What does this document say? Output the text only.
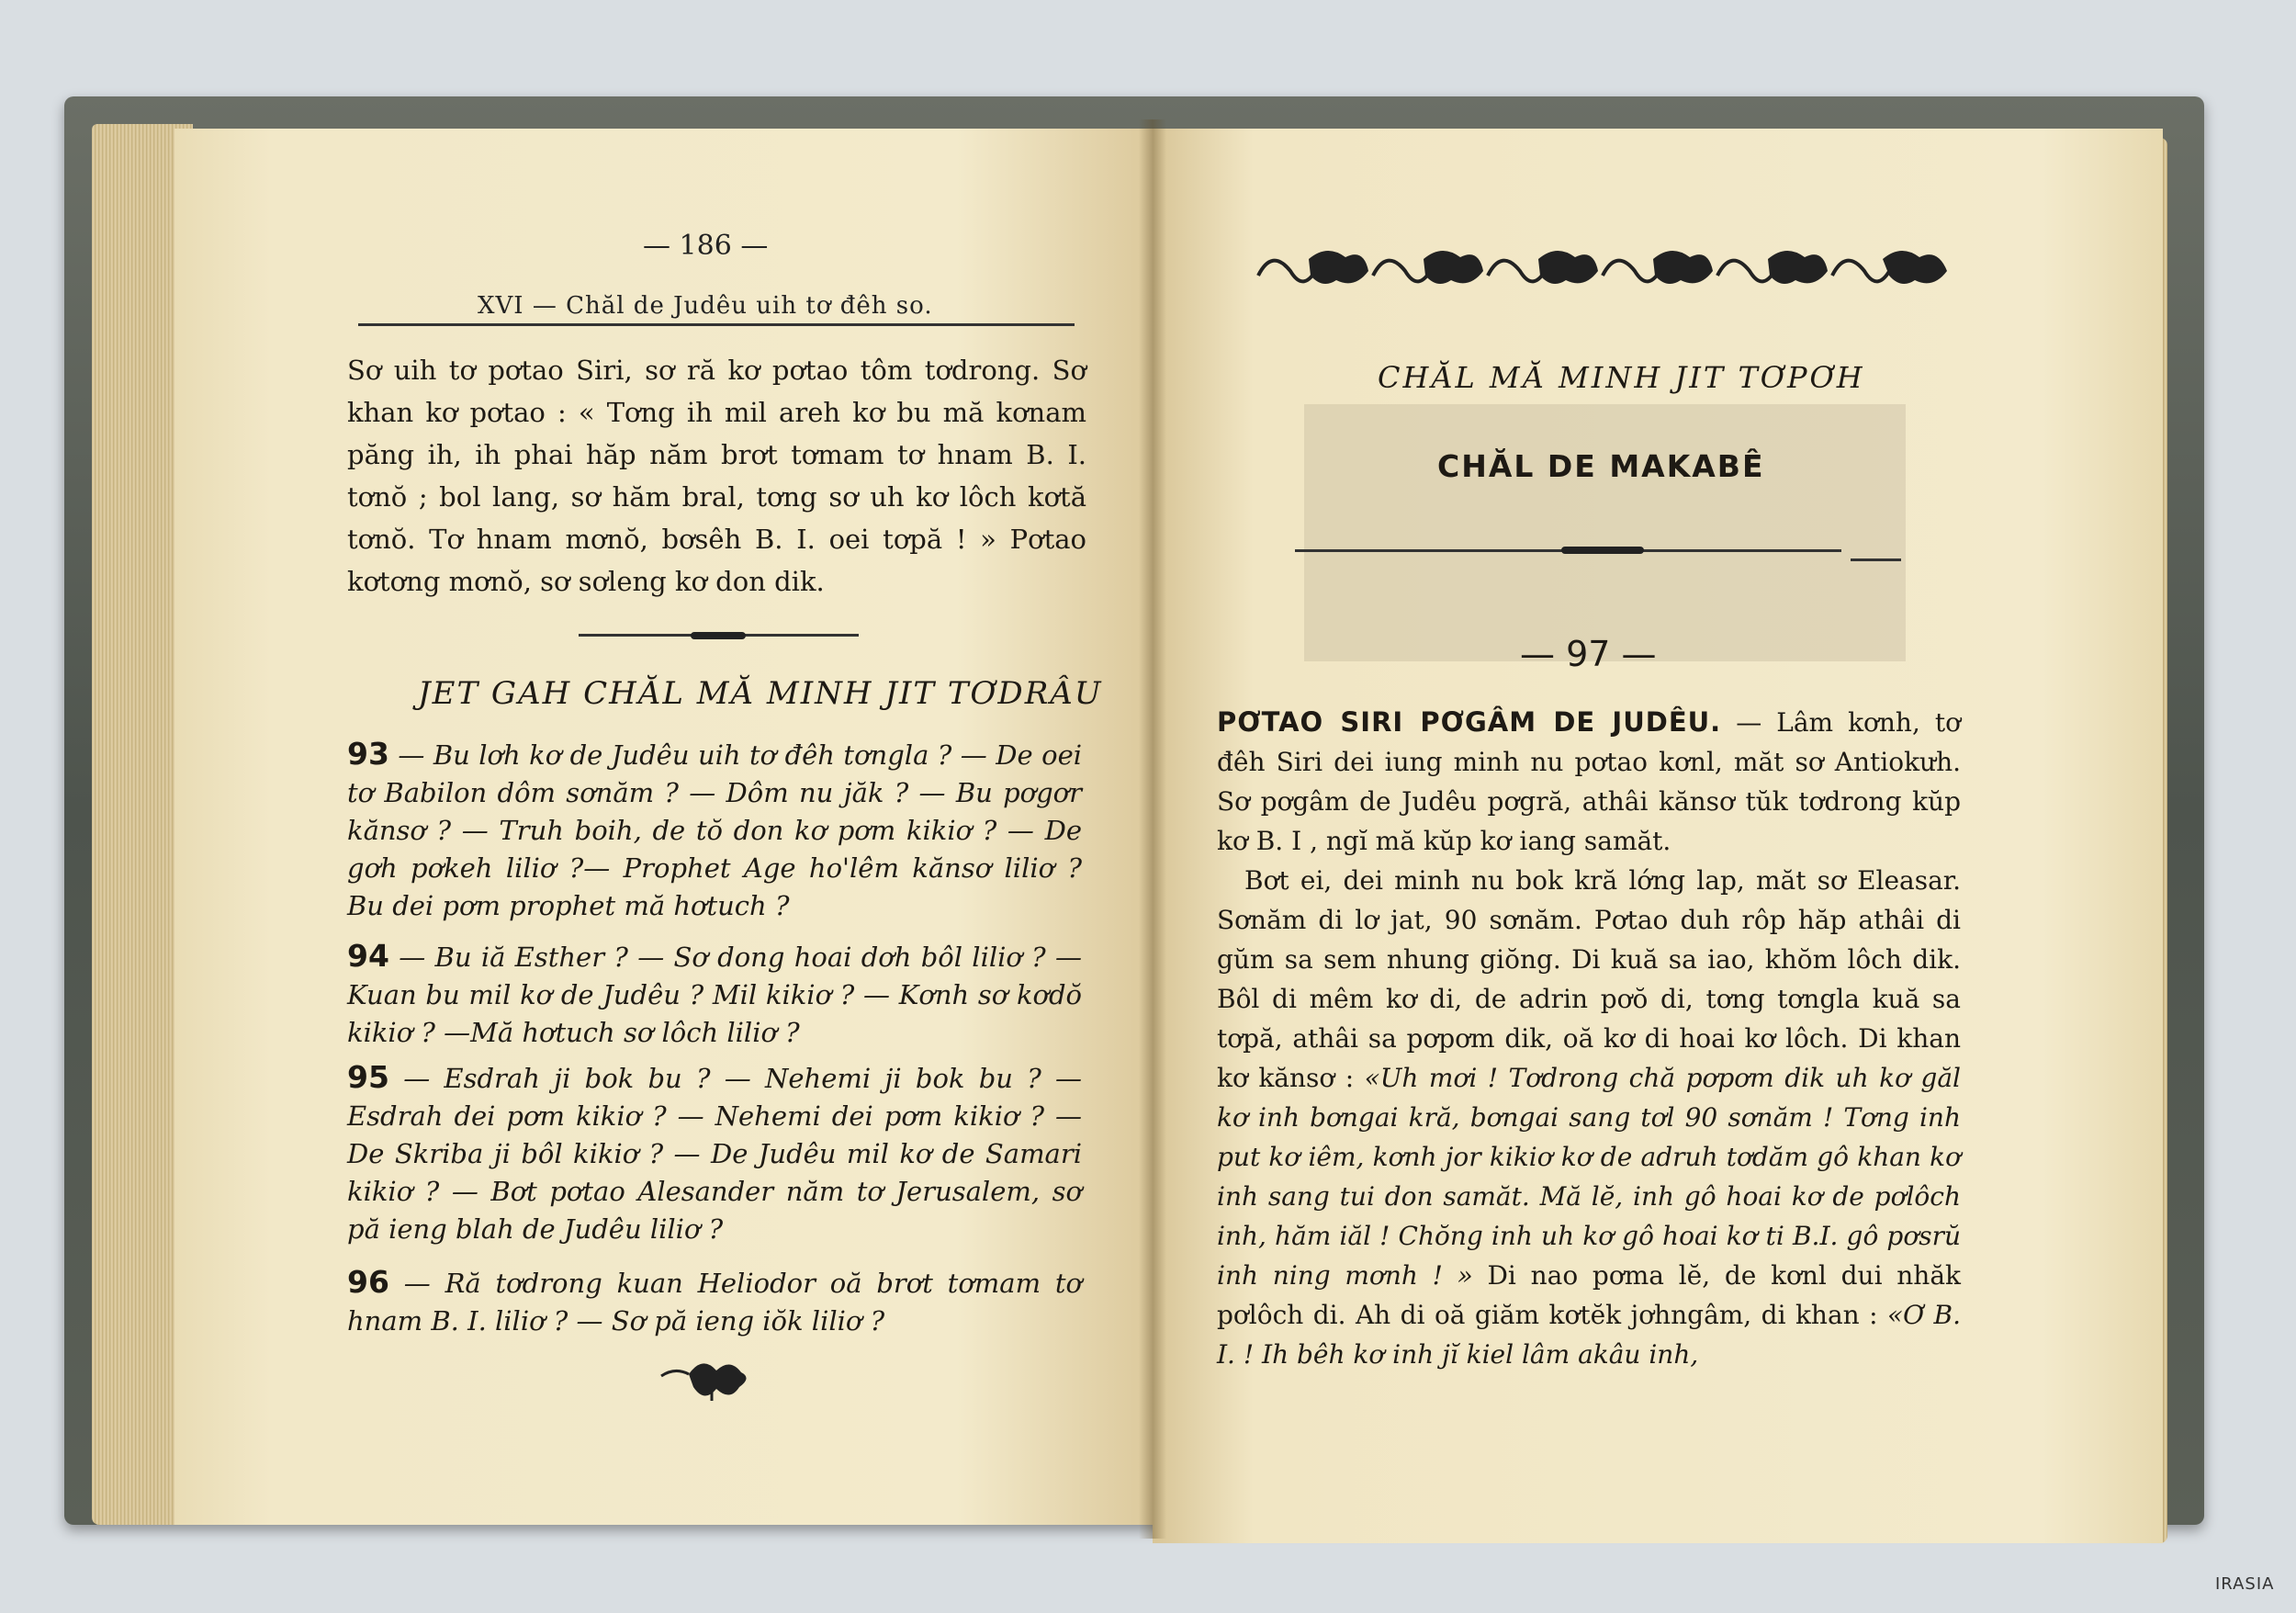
— 186 —
XVI — Chăl de Judêu uih tơ đêh so.

Sơ uih tơ pơtao Siri, sơ ră kơ pơtao tôm tơdrong. Sơ khan kơ pơtao : « Tơng ih mil areh kơ bu mă kơnam păng ih, ih phai hăp năm brơt tơmam tơ hnam B. I. tơnŏ ; bol lang, sơ hăm bral, tơng sơ uh kơ lôch kơtă tơnŏ. Tơ hnam mơnŏ, bơsêh B. I. oei tơpă ! » Pơtao kơtơng mơnŏ, sơ sơleng kơ don dik.

JET GAH CHĂL MĂ MINH JIT TƠDRÂU
93 — Bu lơh kơ de Judêu uih tơ đêh tơngla ? — De oei tơ Babilon dôm sơnăm ? — Dôm nu jăk ? — Bu pơgơr kănsơ ? — Truh boih, de tŏ don kơ pơm kikiơ ? — De gơh pơkeh liliơ ?— Prophet Age ho'lêm kănsơ liliơ ? Bu dei pơm prophet mă hơtuch ?
94 — Bu iă Esther ? — Sơ dong hoai dơh bôl liliơ ? — Kuan bu mil kơ de Judêu ? Mil kikiơ ? — Kơnh sơ kơdŏ kikiơ ? —Mă hơtuch sơ lôch liliơ ?
95 — Esdrah ji bok bu ? — Nehemi ji bok bu ? — Esdrah dei pơm kikiơ ? — Nehemi dei pơm kikiơ ? — De Skriba ji bôl kikiơ ? — De Judêu mil kơ de Samari kikiơ ? — Bơt pơtao Alesander năm tơ Jerusalem, sơ pă ieng blah de Judêu liliơ ?
96 — Ră tơdrong kuan Heliodor oă brơt tơmam tơ hnam B. I. liliơ ? — Sơ pă ieng iŏk liliơ ?
CHĂL MĂ MINH JIT TƠPƠH
CHĂL DE MAKABÊ
— 97 —

PƠTAO SIRI PƠGÂM DE JUDÊU. — Lâm kơnh, tơ đêh Siri dei iung minh nu pơtao kơnl, măt sơ Antiokưh. Sơ pơgâm de Judêu pơgră, athâi kănsơ tŭk tơdrong kŭp kơ B. I , ngĭ mă kŭp kơ iang samăt.

Bơt ei, dei minh nu bok kră lớng lap, măt sơ Eleasar. Sơnăm di lơ jat, 90 sơnăm. Pơtao duh rôp hăp athâi di gŭm sa sem nhung giŏng. Di kuă sa iao, khŏm lôch dik. Bôl di mêm kơ di, de adrin pơŏ di, tơng tơngla kuă sa tơpă, athâi sa pơpơm dik, oă kơ di hoai kơ lôch. Di khan kơ kănsơ : «Uh mơi ! Tơdrong chă pơpơm dik uh kơ găl kơ inh bơngai kră, bơngai sang tơl 90 sơnăm ! Tơng inh put kơ iêm, kơnh jor kikiơ kơ de adruh tơdăm gô khan kơ inh sang tui don samăt. Mă lĕ, inh gô hoai kơ de pơlôch inh, hăm iăl ! Chŏng inh uh kơ gô hoai kơ ti B.I. gô pơsrŭ inh ning mơnh ! » Di nao pơma lĕ, de kơnl dui nhăk pơlôch di. Ah di oă giăm kơtĕk jơhngâm, di khan : «Ơ B. I. ! Ih bêh kơ inh jĭ kiel lâm akâu inh,

IRASIA
